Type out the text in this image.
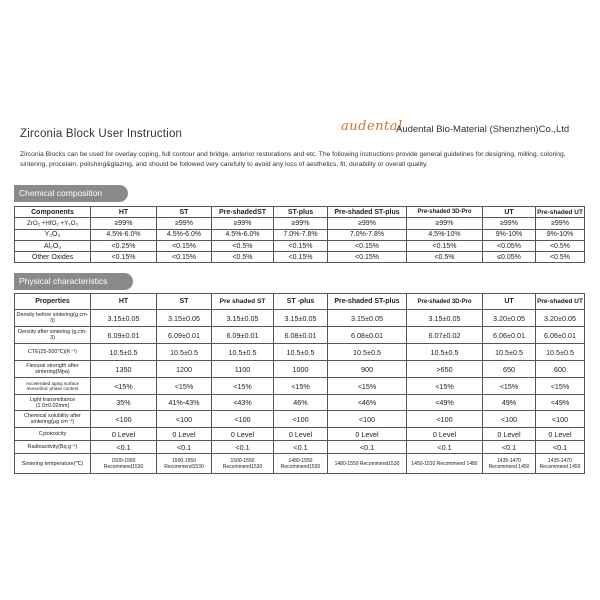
Zirconia Block User Instruction	audental
Audental Bio-Material (Shenzhen)Co.,Ltd
Zirconia Blocks can be used for overlay coping, full contour and bridge, anterior restorations and etc. The following instructions provide general guidelines for designing, milling, coloring, sintering, procelain, polishing&glazing, and should be followed very carefully to avoid any loss of aesthetics, fit, durability or overall quality.
Chemical composition
Components	HT	ST	Pre-shadedST	ST-plus	Pre-shaded ST-plus	Pre-shaded 3D-Pro	UT	Pre-shaded UT
ZrO₂ +HfO₂ +Y₂O₃	≥99%	≥99%	≥99%	≥99%	≥99%	≥99%	≥99%	≥99%
Y₂O₃	4.5%-6.0%	4.5%-6.0%	4.5%-6.0%	7.0%-7.8%	7.0%-7.8%	4.5%-10%	9%-10%	9%-10%
Al₂O₃	<0.25%	<0.15%	<0.5%	<0.15%	<0.15%	<0.15%	<0.05%	<0.5%
Other Oxides	<0.15%	<0.15%	<0.5%	<0.15%	<0.15%	<0.5%	≤0.05%	<0.5%
Physical characteristics
Properties	HT	ST	Pre shaded ST	ST -plus	Pre-shaded ST-plus	Pre-shaded 3D-Pro	UT	Pre-shaded UT
Density before sintering(g.cm-3)	3.15±0.05	3.15±0.05	3.15±0.05	3.15±0.05	3.15±0.05	3.15±0.05	3.20±0.05	3.20±0.05
Density after sintering (g.cm-3)	6.09±0.01	6.09±0.01	6.09±0.01	6.08±0.01	6.08±0.01	6.07±0.02	6.06±0.01	6.06±0.01
CTE(25-500℃)(K⁻¹)	10.5±0.5	10.5±0.5	10.5±0.5	10.5±0.5	10.5±0.5	10.5±0.5	10.5±0.5	10.5±0.5
Flexural strength after sintering(Mpa)	1350	1200	1100	1000	900	>650	650	600
Accelerated aging surface monoclinic phase content	<15%	<15%	<15%	<15%	<15%	<15%	<15%	<15%
Light transmittance (1.0±0.02mm)	35%	41%-43%	<43%	46%	<46%	<49%	49%	<49%
Chemical solubility after sintering(μg cm⁻²)	<100	<100	<100	<100	<100	<100	<100	<100
Cytotoxicity	0 Level	0 Level	0 Level	0 Level	0 Level	0 Level	0 Level	0 Level
Radioactivity(Bq.g⁻¹)	<0.1	<0.1	<0.1	<0.1	<0.1	<0.1	<0.1	<0.1
Sintering temperature(℃)	1500-1550 Recommend1530	1500-1550 Recommend1530	1500-1550 Recommend1530	1480-1550 Recommend1530	1480-1550 Recommend1530	1450-1510 Recommend 1480	1435-1470 Recommend 1450	1435-1470 Recommend 1450
